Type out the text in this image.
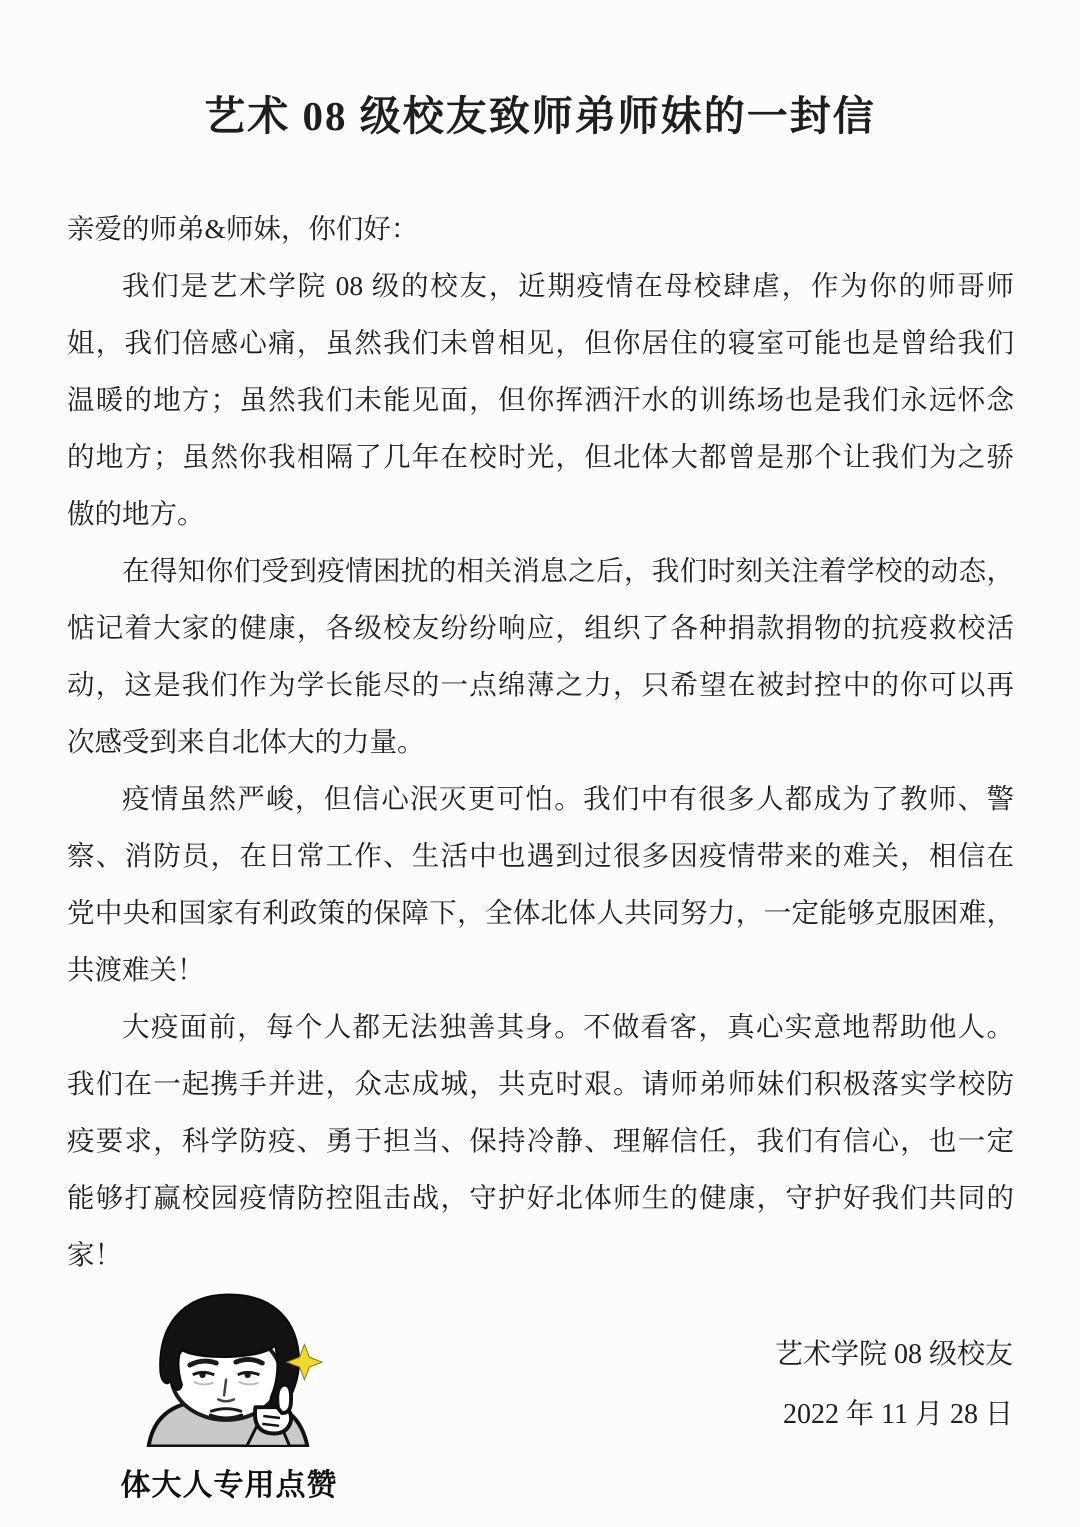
艺术 08 级校友致师弟师妹的一封信
亲爱的师弟&师妹，你们好：
我们是艺术学院 08 级的校友，近期疫情在母校肆虐，作为你的师哥师
姐，我们倍感心痛，虽然我们未曾相见，但你居住的寝室可能也是曾给我们
温暖的地方；虽然我们未能见面，但你挥洒汗水的训练场也是我们永远怀念
的地方；虽然你我相隔了几年在校时光，但北体大都曾是那个让我们为之骄
傲的地方。
在得知你们受到疫情困扰的相关消息之后，我们时刻关注着学校的动态，
惦记着大家的健康，各级校友纷纷响应，组织了各种捐款捐物的抗疫救校活
动，这是我们作为学长能尽的一点绵薄之力，只希望在被封控中的你可以再
次感受到来自北体大的力量。
疫情虽然严峻，但信心泯灭更可怕。我们中有很多人都成为了教师、警
察、消防员，在日常工作、生活中也遇到过很多因疫情带来的难关，相信在
党中央和国家有利政策的保障下，全体北体人共同努力，一定能够克服困难，
共渡难关！
大疫面前，每个人都无法独善其身。不做看客，真心实意地帮助他人。
我们在一起携手并进，众志成城，共克时艰。请师弟师妹们积极落实学校防
疫要求，科学防疫、勇于担当、保持冷静、理解信任，我们有信心，也一定
能够打赢校园疫情防控阻击战，守护好北体师生的健康，守护好我们共同的
家！
体大人专用点赞
艺术学院 08 级校友
2022 年 11 月 28 日
